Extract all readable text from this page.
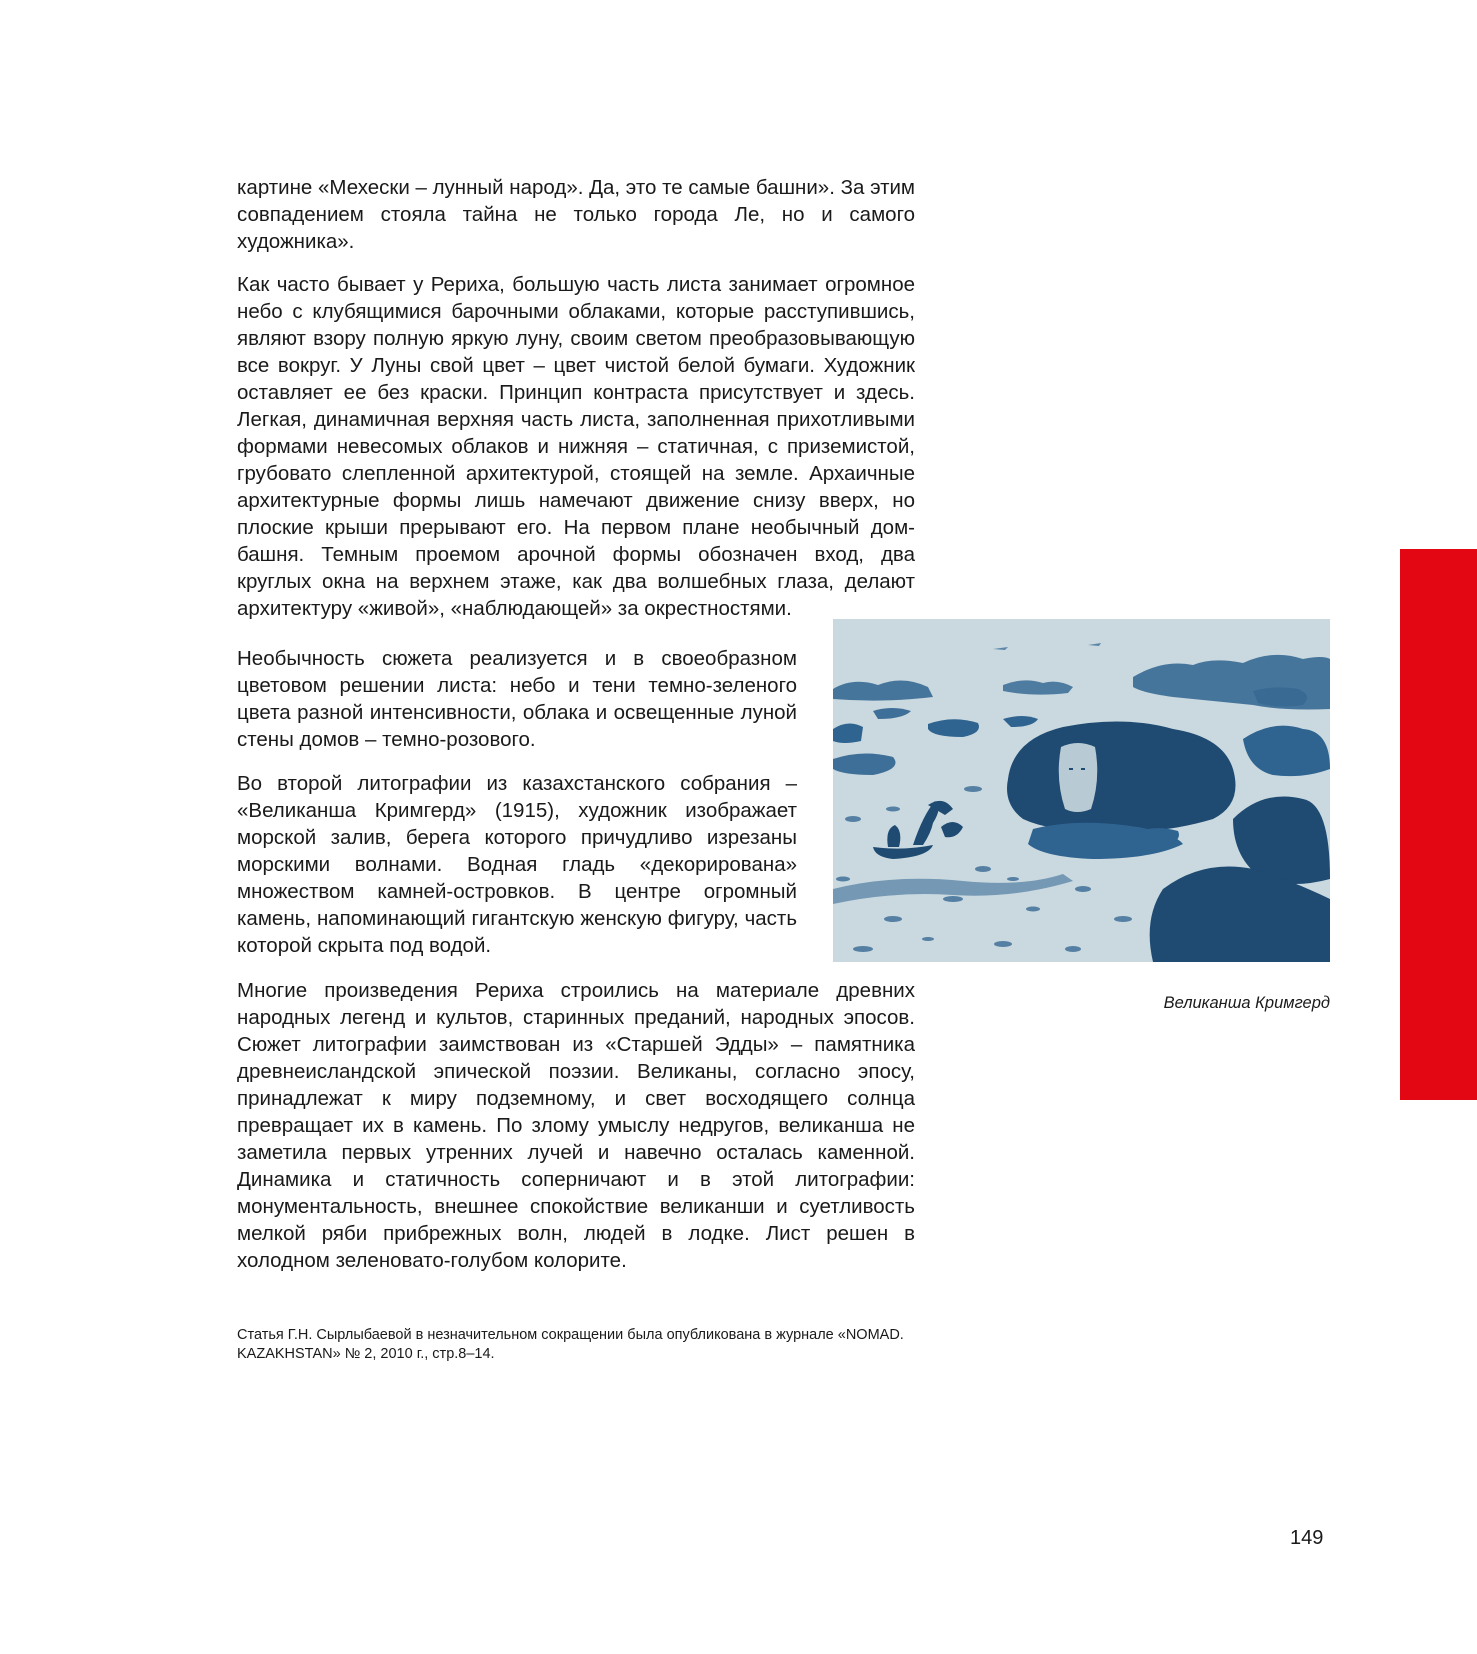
картине «Мехески – лунный народ». Да, это те самые башни». За этим совпадением стояла тайна не только города Ле, но и самого художника».

Как часто бывает у Рериха, большую часть листа занимает огромное небо с клубящимися барочными облаками, которые расступившись, являют взору полную яркую луну, своим светом преобразовывающую все вокруг. У Луны свой цвет – цвет чистой белой бумаги. Художник оставляет ее без краски. Принцип контраста присутствует и здесь. Легкая, динамичная верхняя часть листа, заполненная прихотливыми формами невесомых облаков и нижняя – статичная, с приземистой, грубовато слепленной архитектурой, стоящей на земле. Архаичные архитектурные формы лишь намечают движение снизу вверх, но плоские крыши прерывают его. На первом плане необычный дом-башня. Темным проемом арочной формы обозначен вход, два круглых окна на верхнем этаже, как два волшебных глаза, делают архитектуру «живой», «наблюдающей» за окрестностями.

Необычность сюжета реализуется и в своеобразном цветовом решении листа: небо и тени темно-зеленого цвета разной интенсивности, облака и освещенные луной стены домов – темно-розового.

Во второй литографии из казахстанского собрания – «Великанша Кримгерд» (1915), художник изображает морской залив, берега которого причудливо изрезаны морскими волнами. Водная гладь «декорирована» множеством камней-островков. В центре огромный камень, напоминающий гигантскую женскую фигуру, часть которой скрыта под водой.

Многие произведения Рериха строились на материале древних народных легенд и культов, старинных преданий, народных эпосов. Сюжет литографии заимствован из «Старшей Эдды» – памятника древнеисландской эпической поэзии. Великаны, согласно эпосу, принадлежат к миру подземному, и свет восходящего солнца превращает их в камень. По злому умыслу недругов, великанша не заметила первых утренних лучей и навечно осталась каменной. Динамика и статичность соперничают и в этой литографии: монументальность, внешнее спокойствие великанши и суетливость мелкой ряби прибрежных волн, людей в лодке. Лист решен в холодном зеленовато-голубом колорите.

Великанша Кримгерд

Статья Г.Н. Сырлыбаевой в незначительном сокращении была опубликована в журнале «NOMAD. KAZAKHSTAN» № 2, 2010 г., стр.8–14.

149
